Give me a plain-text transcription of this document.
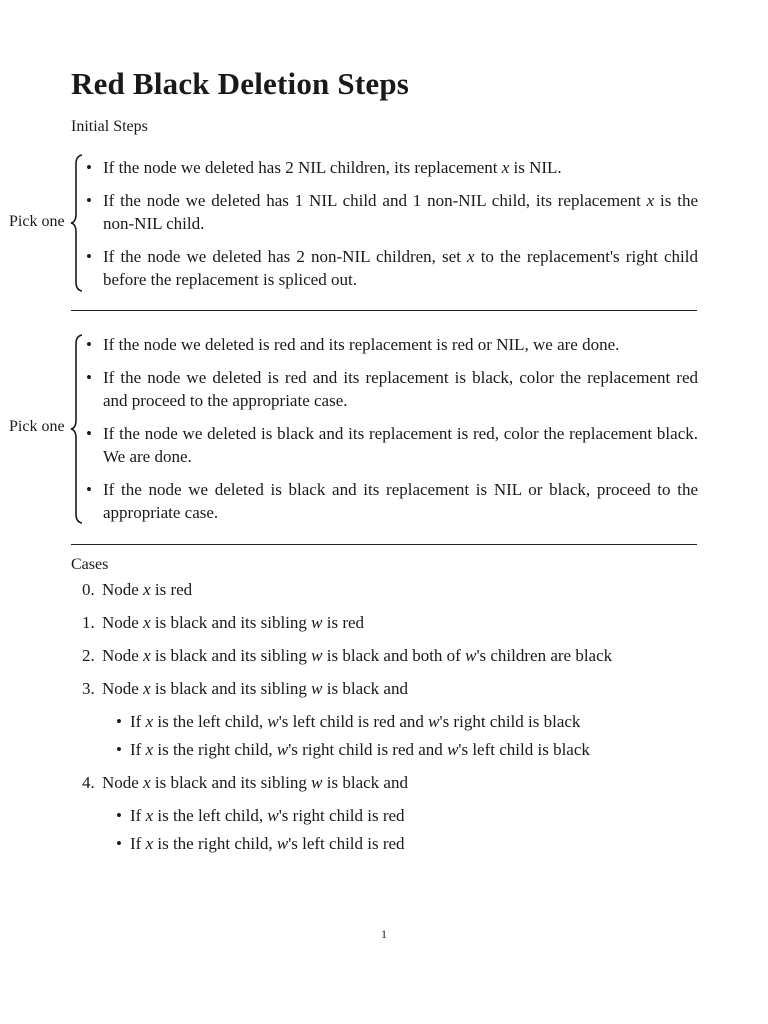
Red Black Deletion Steps
Initial Steps
Pick one
• If the node we deleted has 2 NIL children, its replacement x is NIL.
• If the node we deleted has 1 NIL child and 1 non-NIL child, its replacement x is the non-NIL child.
• If the node we deleted has 2 non-NIL children, set x to the replacement's right child before the replacement is spliced out.
Pick one
• If the node we deleted is red and its replacement is red or NIL, we are done.
• If the node we deleted is red and its replacement is black, color the replacement red and proceed to the appropriate case.
• If the node we deleted is black and its replacement is red, color the replacement black. We are done.
• If the node we deleted is black and its replacement is NIL or black, proceed to the appropriate case.
Cases
0. Node x is red
1. Node x is black and its sibling w is red
2. Node x is black and its sibling w is black and both of w's children are black
3. Node x is black and its sibling w is black and
• If x is the left child, w's left child is red and w's right child is black
• If x is the right child, w's right child is red and w's left child is black
4. Node x is black and its sibling w is black and
• If x is the left child, w's right child is red
• If x is the right child, w's left child is red
1
